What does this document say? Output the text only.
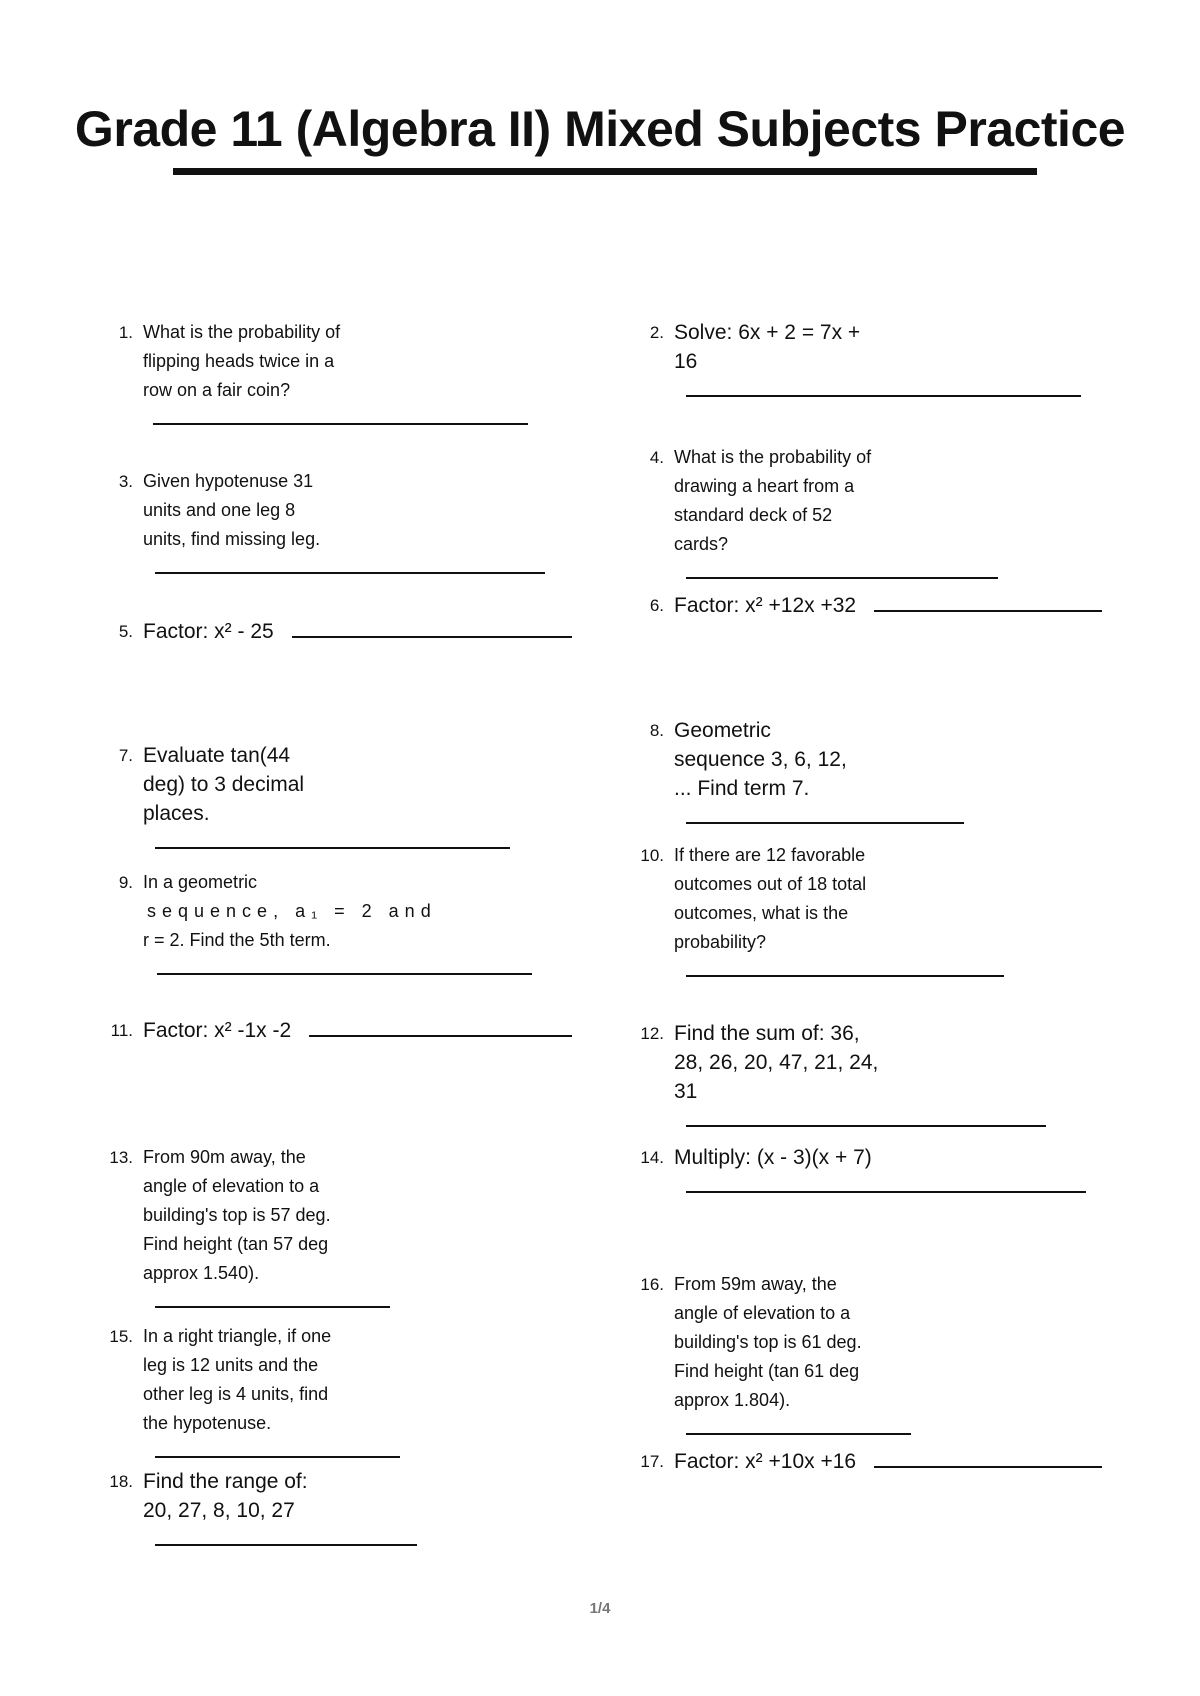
Grade 11 (Algebra II) Mixed Subjects Practice
1. What is the probability of flipping heads twice in a row on a fair coin?
3. Given hypotenuse 31 units and one leg 8 units, find missing leg.
5. Factor: x² - 25
7. Evaluate tan(44 deg) to 3 decimal places.
9. In a geometric
sequence, a₁ = 2 and
r = 2. Find the 5th term.
11. Factor: x² -1x -2
13. From 90m away, the angle of elevation to a building's top is 57 deg. Find height (tan 57 deg approx 1.540).
15. In a right triangle, if one leg is 12 units and the other leg is 4 units, find the hypotenuse.
18. Find the range of: 20, 27, 8, 10, 27
2. Solve: 6x + 2 = 7x + 16
4. What is the probability of drawing a heart from a standard deck of 52 cards?
6. Factor: x² +12x +32
8. Geometric sequence 3, 6, 12, ... Find term 7.
10. If there are 12 favorable outcomes out of 18 total outcomes, what is the probability?
12. Find the sum of: 36, 28, 26, 20, 47, 21, 24, 31
14. Multiply: (x - 3)(x + 7)
16. From 59m away, the angle of elevation to a building's top is 61 deg. Find height (tan 61 deg approx 1.804).
17. Factor: x² +10x +16
1/4
